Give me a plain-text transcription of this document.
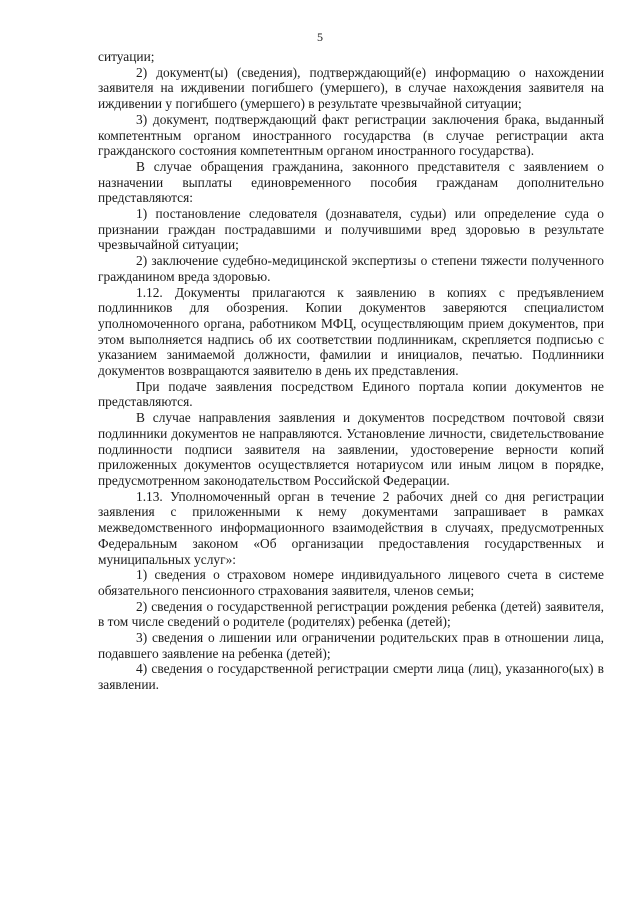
5

ситуации;

2) документ(ы) (сведения), подтверждающий(е) информацию о нахождении заявителя на иждивении погибшего (умершего), в случае нахождения заявителя на иждивении у погибшего (умершего) в результате чрезвычайной ситуации;

3) документ, подтверждающий факт регистрации заключения брака, выданный компетентным органом иностранного государства (в случае регистрации акта гражданского состояния компетентным органом иностранного государства).

В случае обращения гражданина, законного представителя с заявлением о назначении выплаты единовременного пособия гражданам дополнительно представляются:

1) постановление следователя (дознавателя, судьи) или определение суда о признании граждан пострадавшими и получившими вред здоровью в результате чрезвычайной ситуации;

2) заключение судебно-медицинской экспертизы о степени тяжести полученного гражданином вреда здоровью.

1.12. Документы прилагаются к заявлению в копиях с предъявлением подлинников для обозрения. Копии документов заверяются специалистом уполномоченного органа, работником МФЦ, осуществляющим прием документов, при этом выполняется надпись об их соответствии подлинникам, скрепляется подписью с указанием занимаемой должности, фамилии и инициалов, печатью. Подлинники документов возвращаются заявителю в день их представления.

При подаче заявления посредством Единого портала копии документов не представляются.

В случае направления заявления и документов посредством почтовой связи подлинники документов не направляются. Установление личности, свидетельствование подлинности подписи заявителя на заявлении, удостоверение верности копий приложенных документов осуществляется нотариусом или иным лицом в порядке, предусмотренном законодательством Российской Федерации.

1.13. Уполномоченный орган в течение 2 рабочих дней со дня регистрации заявления с приложенными к нему документами запрашивает в рамках межведомственного информационного взаимодействия в случаях, предусмотренных Федеральным законом «Об организации предоставления государственных и муниципальных услуг»:

1) сведения о страховом номере индивидуального лицевого счета в системе обязательного пенсионного страхования заявителя, членов семьи;

2) сведения о государственной регистрации рождения ребенка (детей) заявителя, в том числе сведений о родителе (родителях) ребенка (детей);

3) сведения о лишении или ограничении родительских прав в отношении лица, подавшего заявление на ребенка (детей);

4) сведения о государственной регистрации смерти лица (лиц), указанного(ых) в заявлении.
